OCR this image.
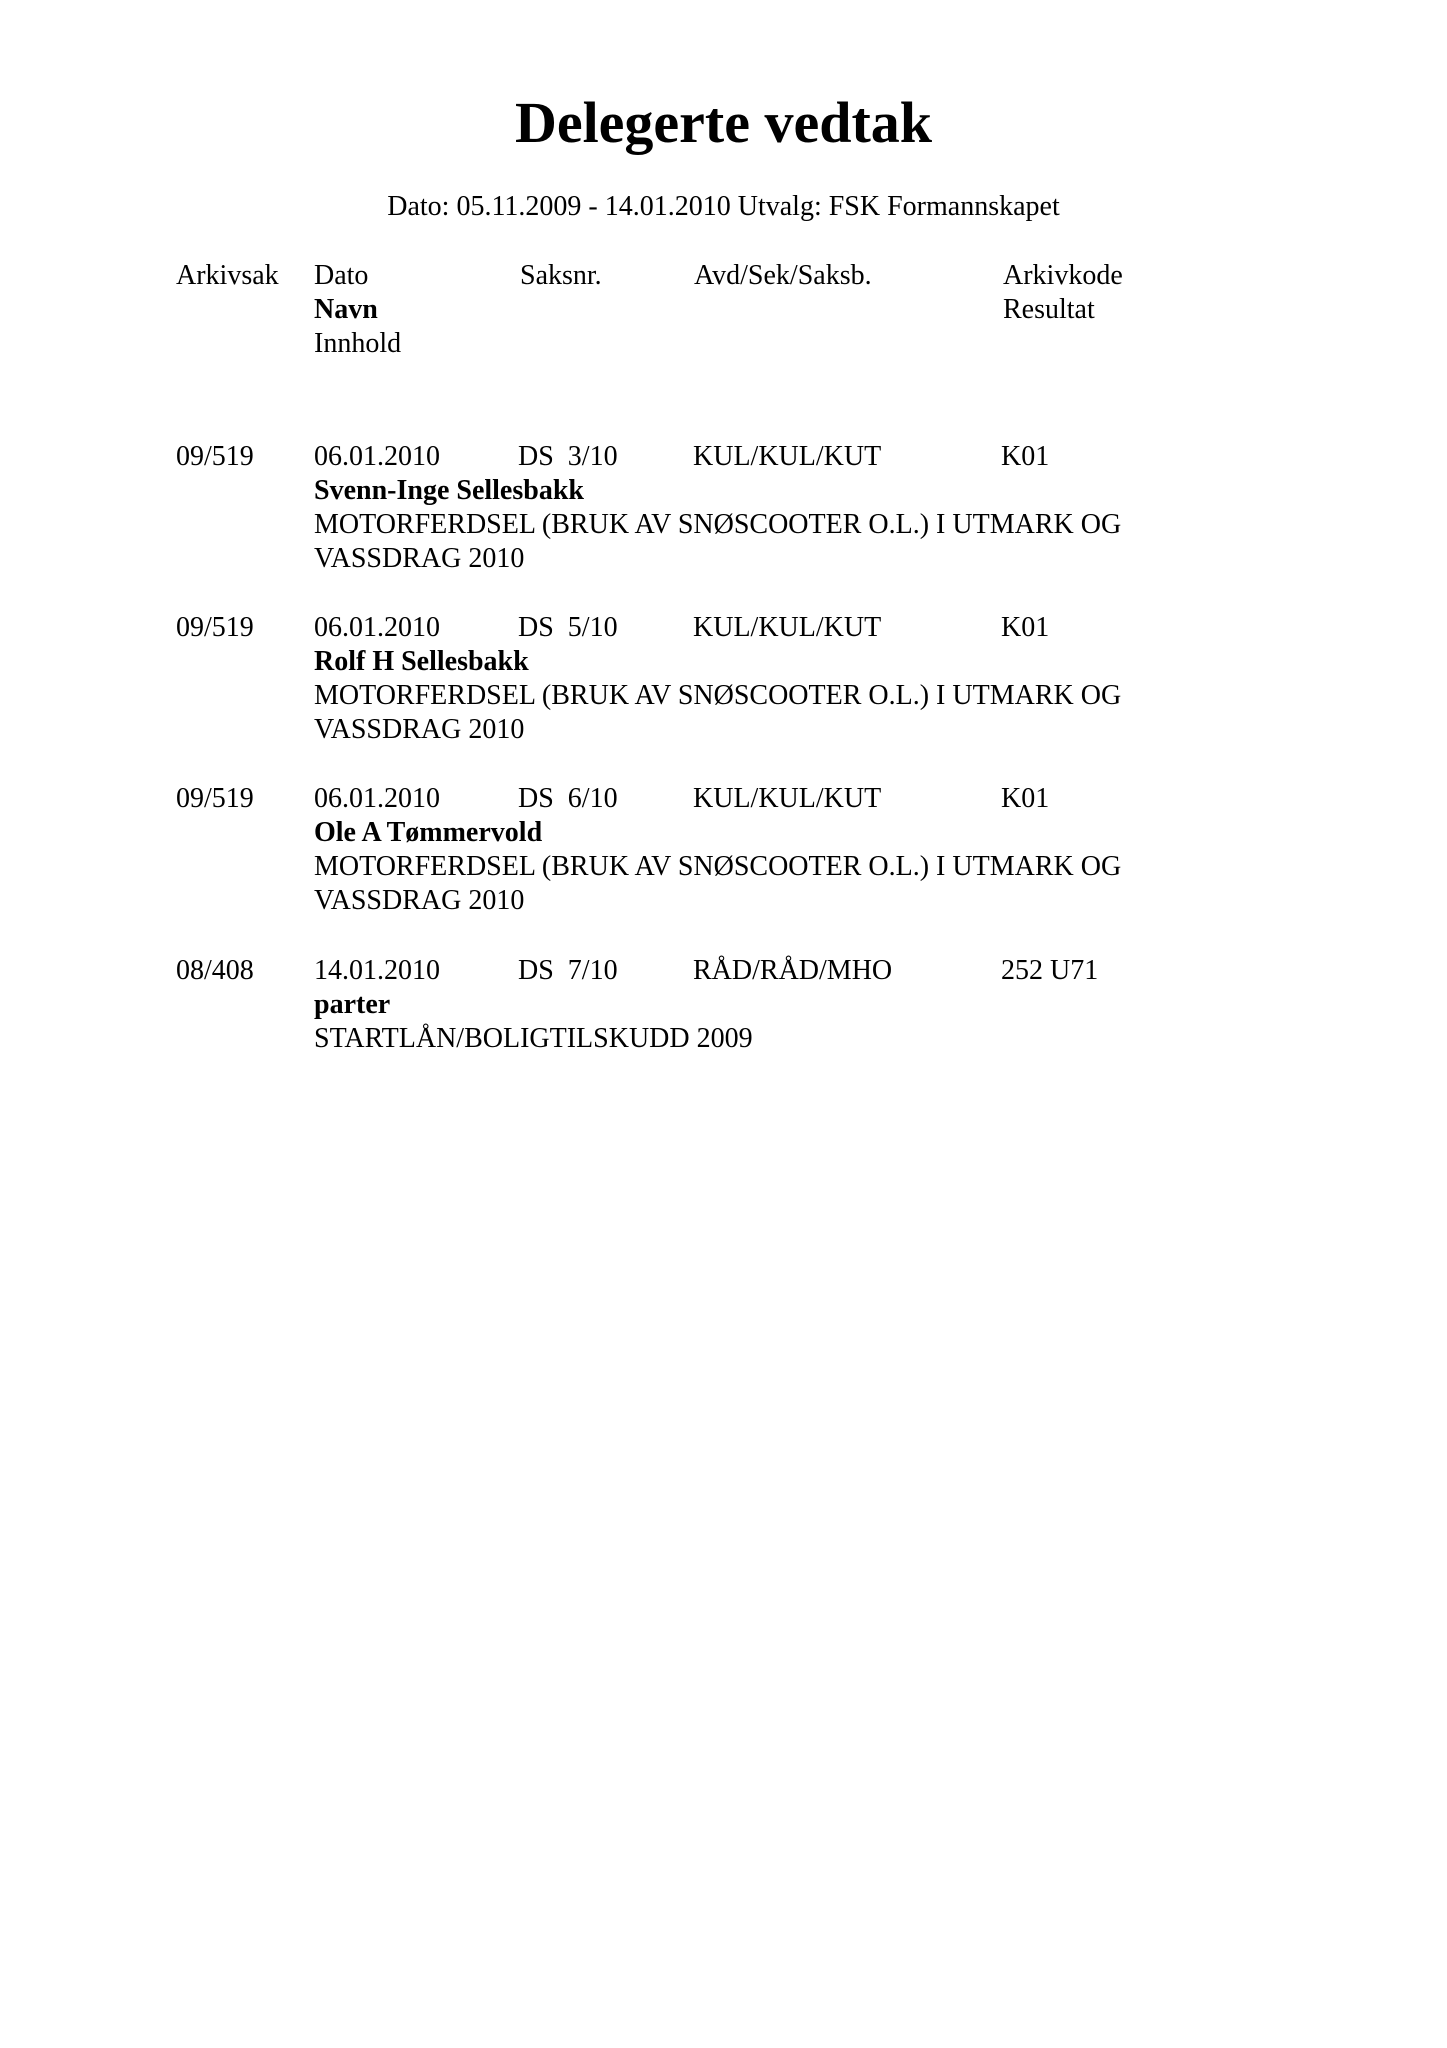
Delegerte vedtak
Dato: 05.11.2009 - 14.01.2010 Utvalg: FSK Formannskapet
Arkivsak Dato	Saksnr.	Avd/Sek/Saksb.	Arkivkode
Navn	Resultat
Innhold
09/519 06.01.2010	DS  3/10	KUL/KUL/KUT	K01
Svenn-Inge Sellesbakk
MOTORFERDSEL (BRUK AV SNØSCOOTER O.L.) I UTMARK OG
VASSDRAG 2010
09/519 06.01.2010	DS  5/10	KUL/KUL/KUT	K01
Rolf H Sellesbakk
MOTORFERDSEL (BRUK AV SNØSCOOTER O.L.) I UTMARK OG
VASSDRAG 2010
09/519 06.01.2010	DS  6/10	KUL/KUL/KUT	K01
Ole A Tømmervold
MOTORFERDSEL (BRUK AV SNØSCOOTER O.L.) I UTMARK OG
VASSDRAG 2010
08/408 14.01.2010	DS  7/10	RÅD/RÅD/MHO	252 U71
parter
STARTLÅN/BOLIGTILSKUDD 2009
